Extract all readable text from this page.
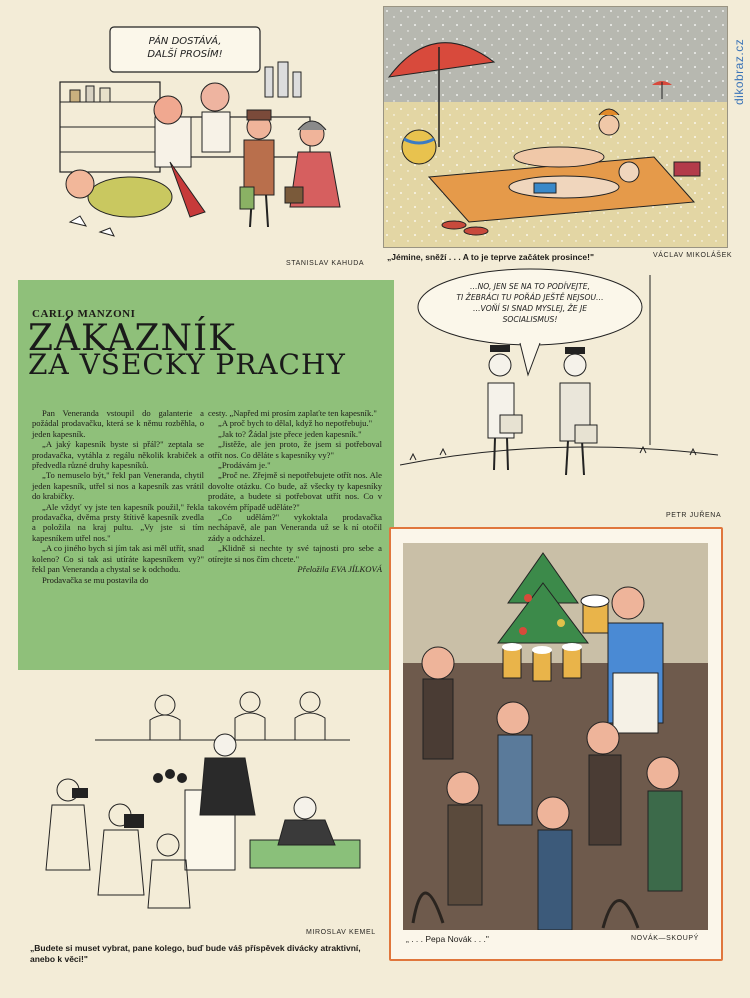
dikobraz.cz
PÁN DOSTÁVÁ,
DALŠÍ PROSÍM!
STANISLAV KAHUDA
„Jémine, sněží . . . A to je teprve začátek prosince!"	VÁCLAV MIKOLÁŠEK
CARLO MANZONI
ZÁKAZNÍK
ZA VŠECKY PRACHY

Pan Veneranda vstoupil do galanterie a požádal prodavačku, která se k němu rozběhla, o jeden kapesník.

„A jaký kapesník byste si přál?" zeptala se prodavačka, vytáhla z regálu několik krabiček a předvedla různé druhy kapesníků.

„To nemuselo být," řekl pan Veneranda, chytil jeden kapesník, utřel si nos a kapesník zas vrátil do krabičky.

„Ale vždyť vy jste ten kapesník použil," řekla prodavačka, dvěma prsty štítivě kapesník zvedla a položila na kraj pultu. „Vy jste si tím kapesníkem utřel nos."

„A co jiného bych si jím tak asi měl utřít, snad koleno? Co si tak asi utíráte kapesníkem vy?" řekl pan Veneranda a chystal se k odchodu.

Prodavačka se mu postavila do

cesty. „Napřed mi prosím zaplaťte ten kapesník."

„A proč bych to dělal, když ho nepotřebuju."

„Jak to? Žádal jste přece jeden kapesník."

„Jistěže, ale jen proto, že jsem si potřeboval otřít nos. Co děláte s kapesníky vy?"

„Prodávám je."

„Proč ne. Zřejmě si nepotřebujete otřít nos. Ale dovolte otázku. Co bude, až všecky ty kapesníky prodáte, a budete si potřebovat utřít nos. Co v takovém případě uděláte?"

„Co udělám?" vykoktala prodavačka nechápavě, ale pan Veneranda už se k ní otočil zády a odcházel.

„Klidně si nechte ty své tajnosti pro sebe a otírejte si nos čím chcete."

Přeložila EVA JÍLKOVÁ

…NO, JEN SE NA TO PODÍVEJTE,
TI ŽEBRÁCI TU POŘÁD JEŠTĚ NEJSOU…
…VOŇÍ SI SNAD MYSLEJ, ŽE JE
SOCIALISMUS!
PETR JUŘENA
„ . . . Pepa Novák . . ."	NOVÁK—SKOUPÝ
MIROSLAV KEMEL
„Budete si muset vybrat, pane kolego, buď bude váš příspěvek divácky atraktivní, anebo k věci!"
